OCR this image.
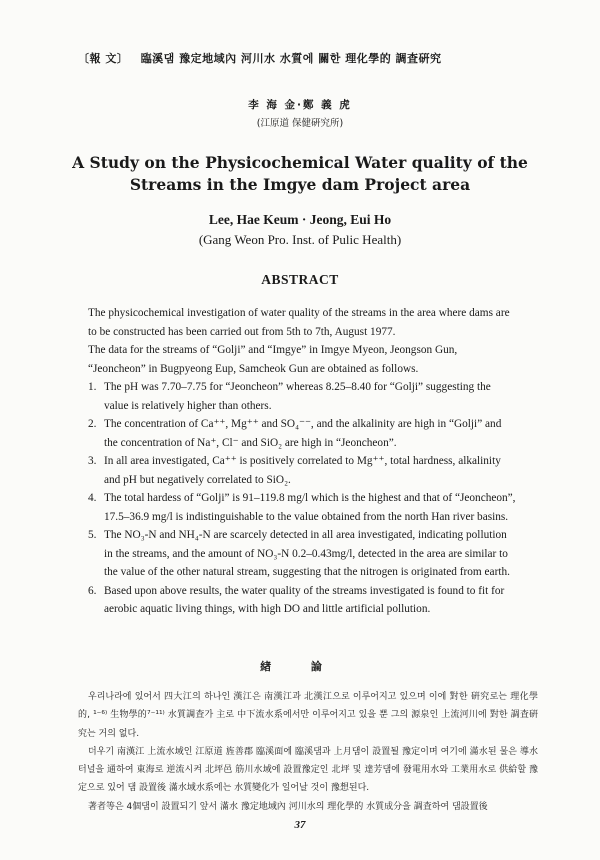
〔報 文〕 臨溪댐 豫定地域內 河川水 水質에 關한 理化學的 調査硏究
李 海 金·鄭 義 虎
(江原道 保健硏究所)
A Study on the Physicochemical Water quality of the
Streams in the Imgye dam Project area
Lee, Hae Keum · Jeong, Eui Ho
(Gang Weon Pro. Inst. of Pulic Health)
ABSTRACT

The physicochemical investigation of water quality of the streams in the area where dams are to be constructed has been carried out from 5th to 7th, August 1977.

The data for the streams of “Golji” and “Imgye” in Imgye Myeon, Jeongson Gun, “Jeoncheon” in Bugpyeong Eup, Samcheok Gun are obtained as follows.

1. The pH was 7.70–7.75 for “Jeoncheon” whereas 8.25–8.40 for “Golji” suggesting the value is relatively higher than others.
2. The concentration of Ca⁺⁺, Mg⁺⁺ and SO₄⁻⁻, and the alkalinity are high in “Golji” and the concentration of Na⁺, Cl⁻ and SiO₂ are high in “Jeoncheon”.
3. In all area investigated, Ca⁺⁺ is positively correlated to Mg⁺⁺, total hardness, alkalinity and pH but negatively correlated to SiO₂.
4. The total hardess of “Golji” is 91–119.8 mg/l which is the highest and that of “Jeoncheon”, 17.5–36.9 mg/l is indistinguishable to the value obtained from the north Han river basins.
5. The NO₃-N and NH₄-N are scarcely detected in all area investigated, indicating pollution in the streams, and the amount of NO₃-N 0.2–0.43mg/l, detected in the area are similar to the value of the other natural stream, suggesting that the nitrogen is originated from earth.
6. Based upon above results, the water quality of the streams investigated is found to fit for aerobic aquatic living things, with high DO and little artificial pollution.
緖 論

우리나라에 있어서 四大江의 하나인 漢江은 南漢江과 北漢江으로 이루어지고 있으며 이에 對한 硏究로는 理化學的, ¹⁻⁶⁾ 生物學的⁷⁻¹¹⁾ 水質調査가 主로 中下流水系에서만 이루어지고 있을 뿐 그의 源泉인 上流河川에 對한 調査硏究는 거의 없다.

더우기 南漢江 上流水域인 江原道 旌善郡 臨溪面에 臨溪댐과 上月댐이 設置될 豫定이며 여기에 滿水된 물은 導水터널을 通하여 東海로 逆流시켜 北坪邑 筋川水域에 設置豫定인 北坪 및 達芳댐에 發電用水와 工業用水로 供給할 豫定으로 있어 댐 設置後 滿水域水系에는 水質變化가 일어날 것이 豫想된다.

著者等은 4個댐이 設置되기 앞서 滿水 豫定地域內 河川水의 理化學的 水質成分을 調査하여 댐設置後

37
